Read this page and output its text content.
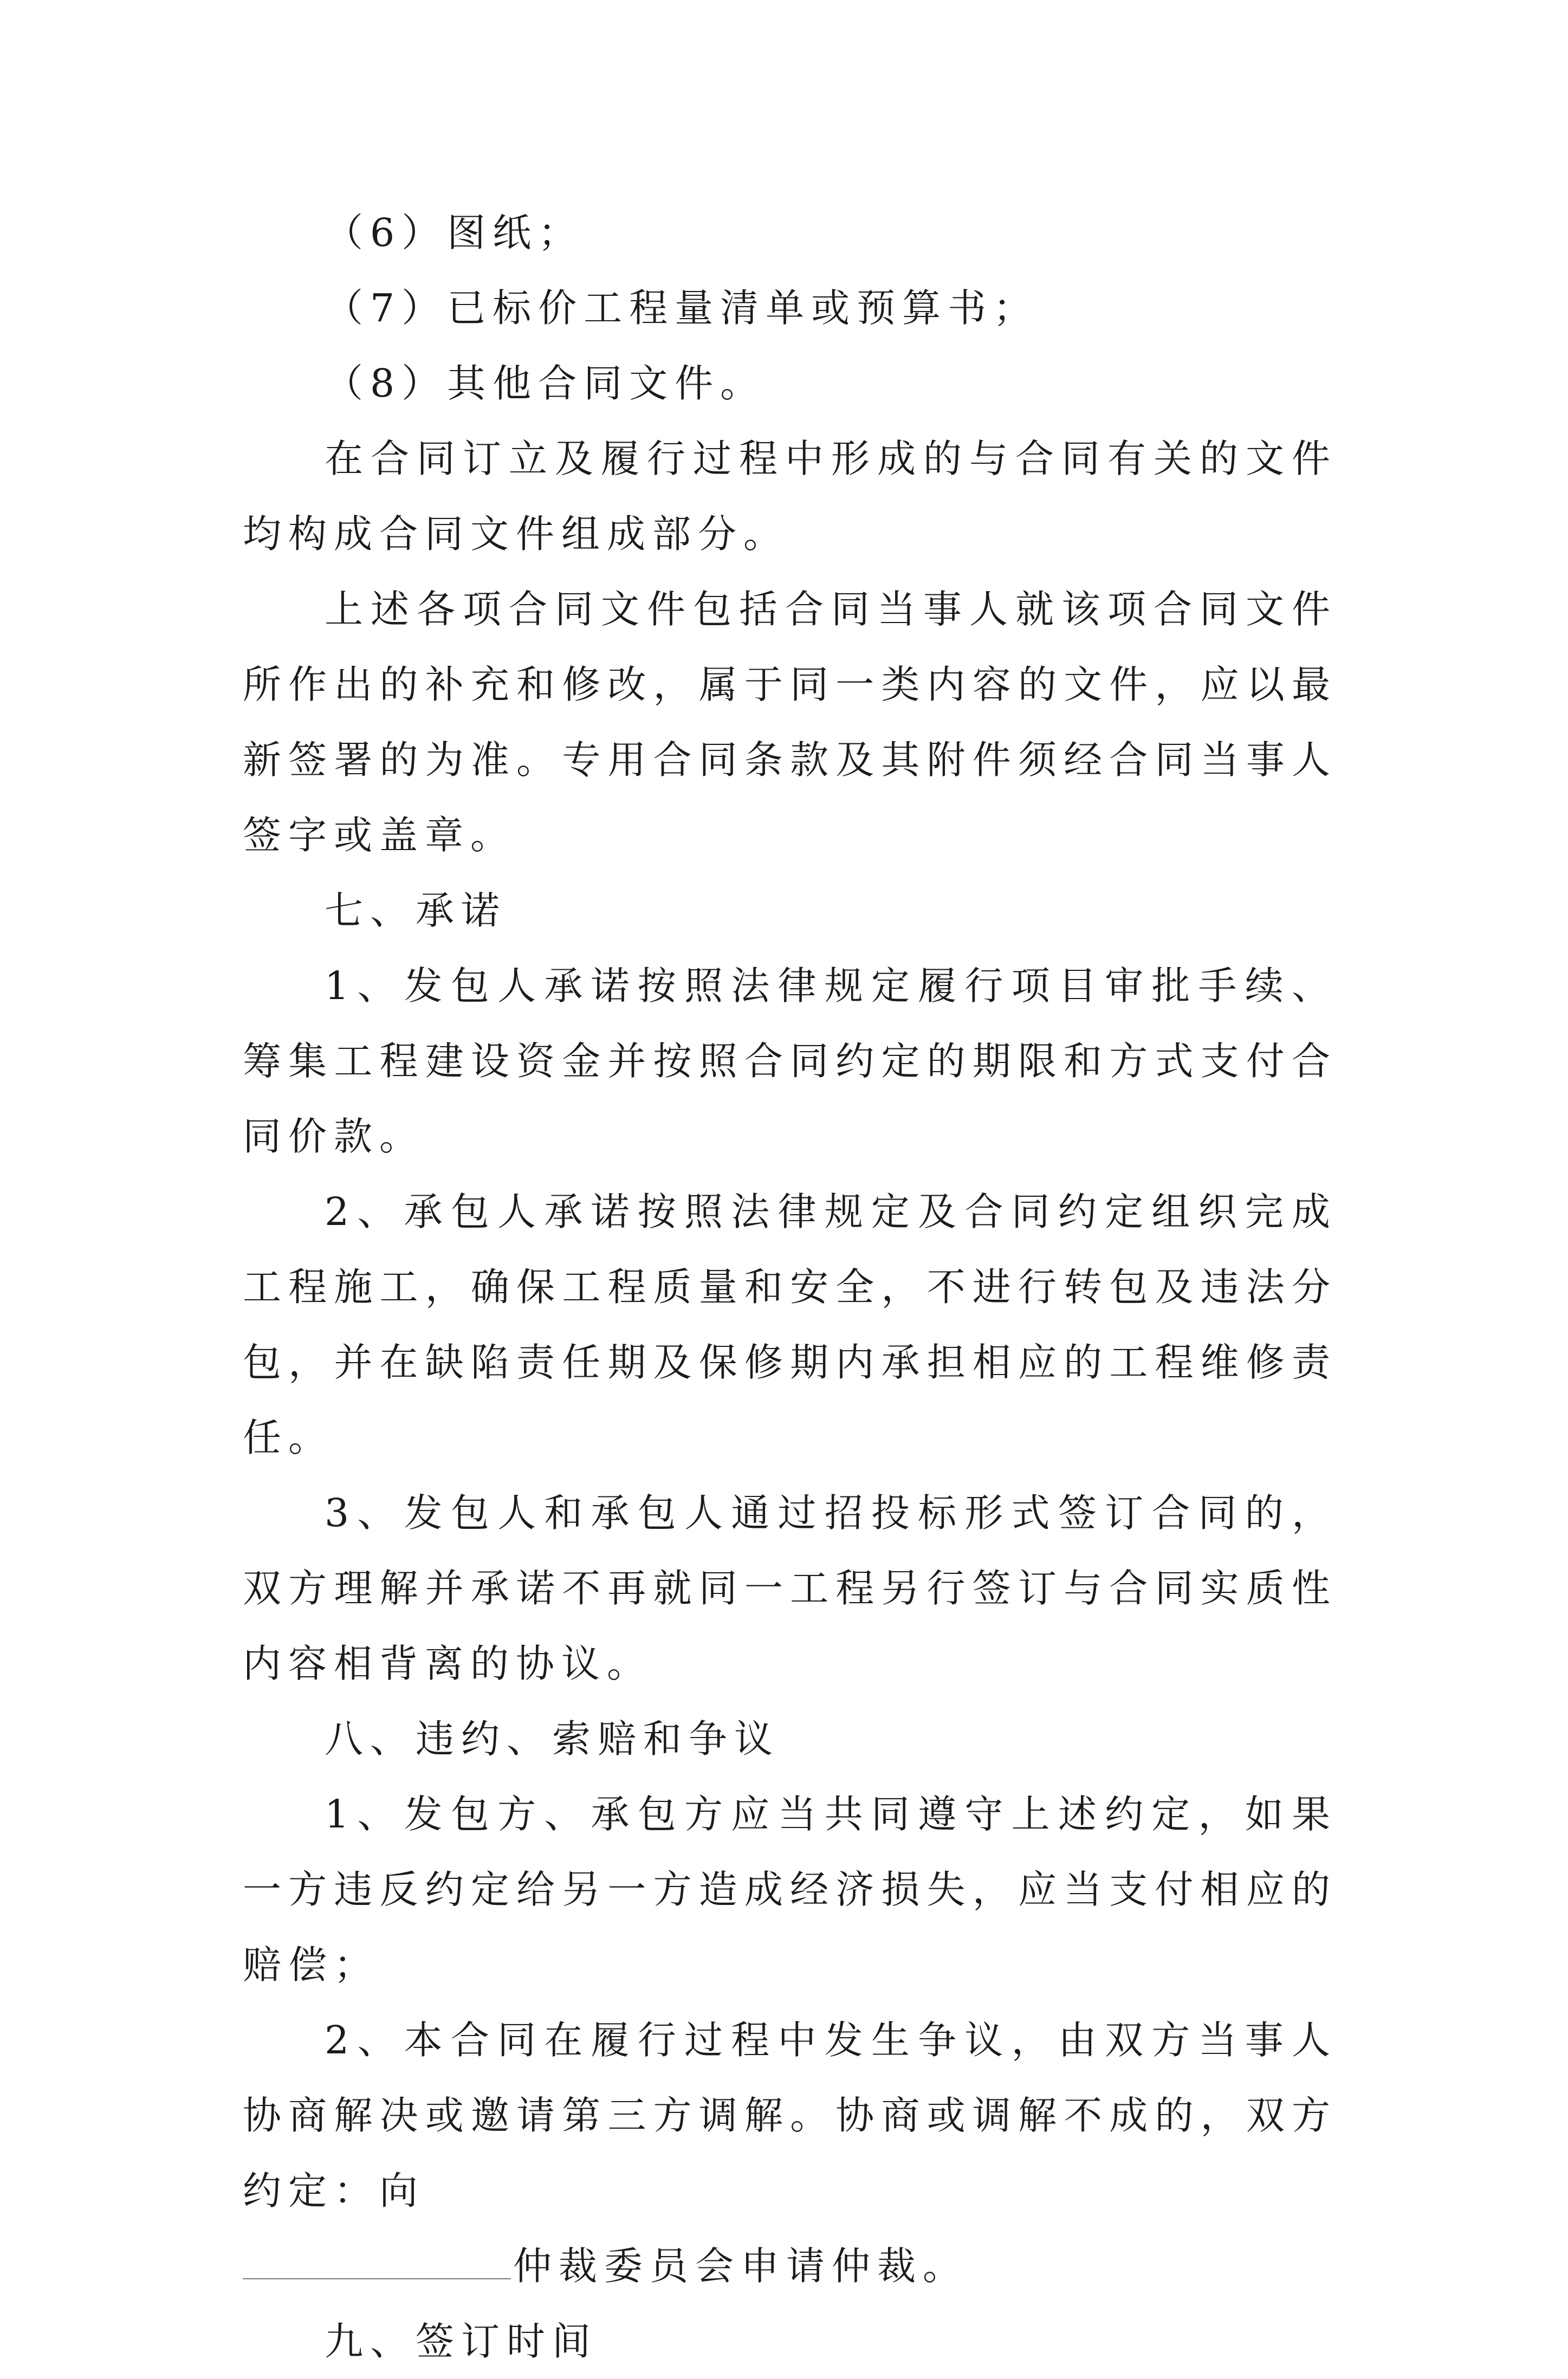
（6）图纸；

（7）已标价工程量清单或预算书；

（8）其他合同文件。

在合同订立及履行过程中形成的与合同有关的文件均构成合同文件组成部分。

上述各项合同文件包括合同当事人就该项合同文件所作出的补充和修改，属于同一类内容的文件，应以最新签署的为准。专用合同条款及其附件须经合同当事人签字或盖章。

七、承诺

1、发包人承诺按照法律规定履行项目审批手续、筹集工程建设资金并按照合同约定的期限和方式支付合同价款。

2、承包人承诺按照法律规定及合同约定组织完成工程施工，确保工程质量和安全，不进行转包及违法分包，并在缺陷责任期及保修期内承担相应的工程维修责任。

3、发包人和承包人通过招投标形式签订合同的，双方理解并承诺不再就同一工程另行签订与合同实质性内容相背离的协议。

八、违约、索赔和争议

1、发包方、承包方应当共同遵守上述约定，如果一方违反约定给另一方造成经济损失，应当支付相应的赔偿；

2、本合同在履行过程中发生争议，由双方当事人协商解决或邀请第三方调解。协商或调解不成的，双方约定：向

仲裁委员会申请仲裁。

九、签订时间
